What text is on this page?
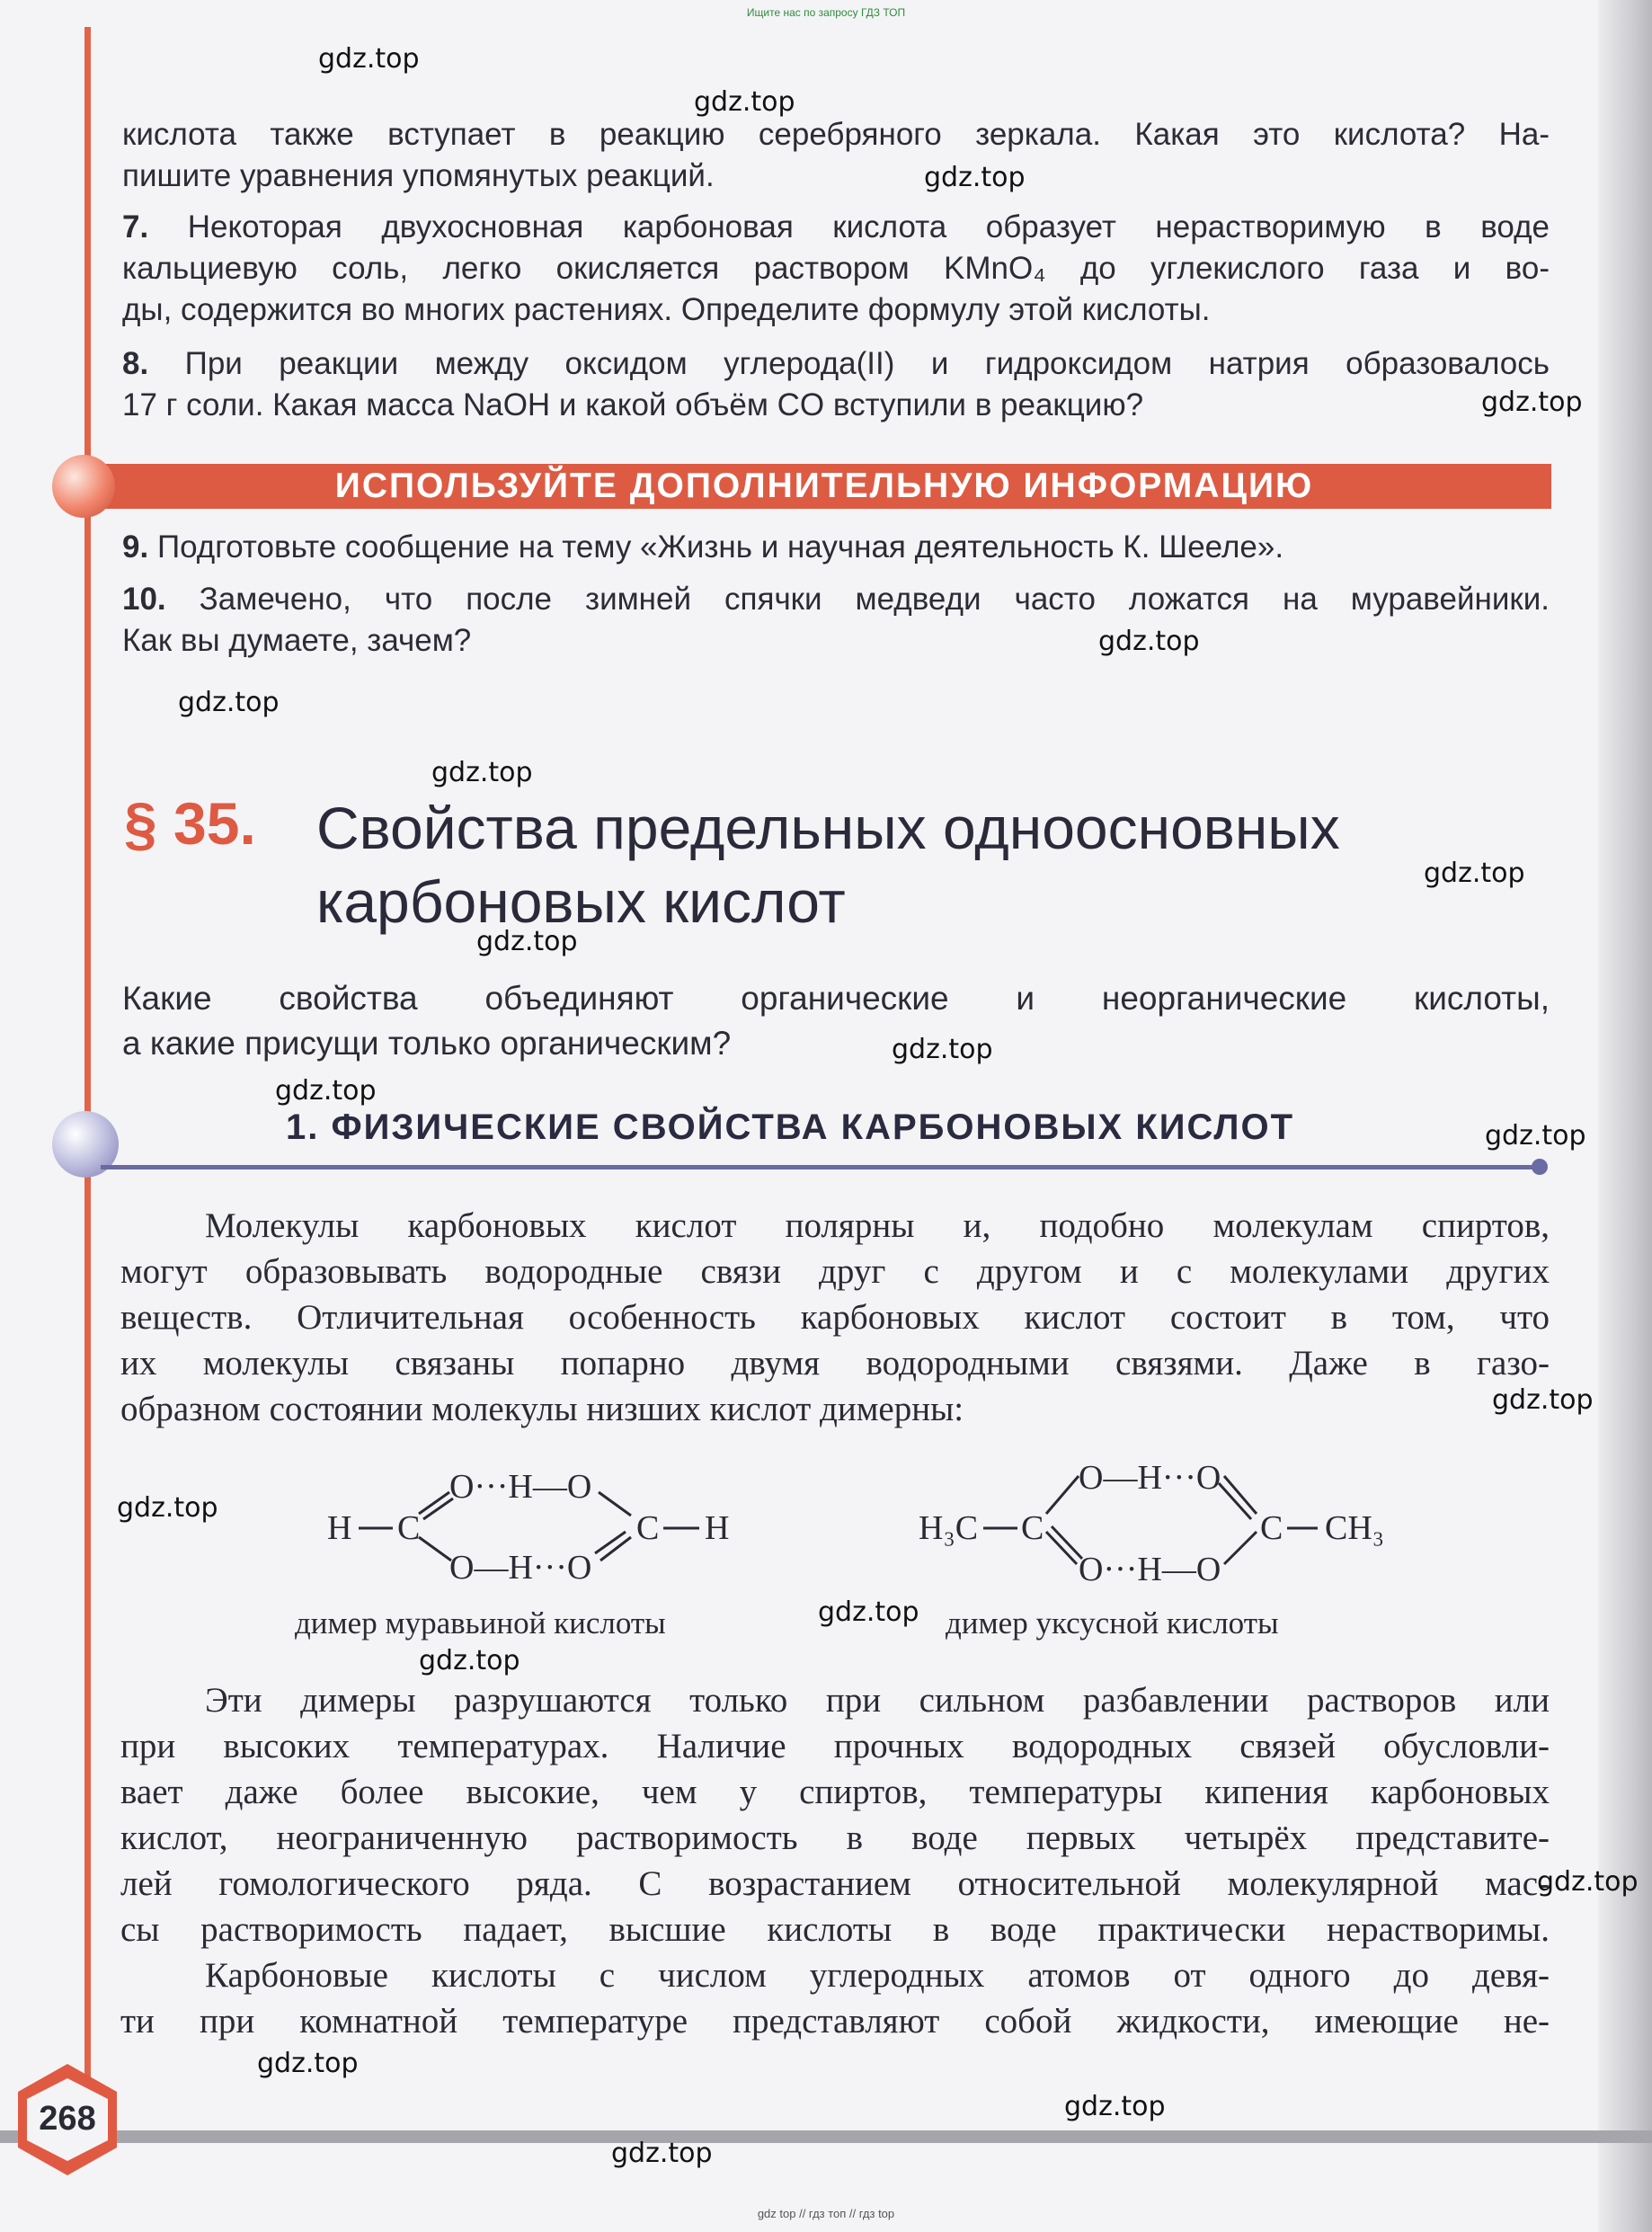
Ищите нас по запросу ГДЗ ТОП
кислота также вступает в реакцию серебряного зеркала. Какая это кислота? На-
пишите уравнения упомянутых реакций.
7. Некоторая двухосновная карбоновая кислота образует нерастворимую в воде
кальциевую соль, легко окисляется раствором KMnO₄ до углекислого газа и во-
ды, содержится во многих растениях. Определите формулу этой кислоты.
8. При реакции между оксидом углерода(II) и гидроксидом натрия образовалось
17 г соли. Какая масса NaOH и какой объём CO вступили в реакцию?
ИСПОЛЬЗУЙТЕ ДОПОЛНИТЕЛЬНУЮ ИНФОРМАЦИЮ
9. Подготовьте сообщение на тему «Жизнь и научная деятельность К. Шееле».
10. Замечено, что после зимней спячки медведи часто ложатся на муравейники.
Как вы думаете, зачем?
§ 35. Свойства предельных одноосновных
карбоновых кислот
Какие свойства объединяют органические и неорганические кислоты,
а какие присущи только органическим?
1. ФИЗИЧЕСКИЕ СВОЙСТВА КАРБОНОВЫХ КИСЛОТ
Молекулы карбоновых кислот полярны и, подобно молекулам спиртов,
могут образовывать водородные связи друг с другом и с молекулами других
веществ. Отличительная особенность карбоновых кислот состоит в том, что
их молекулы связаны попарно двумя водородными связями. Даже в газо-
образном состоянии молекулы низших кислот димерны:
H C
O···H—O
O—H···O
C H
димер муравьиной кислоты
H₃C C
O—H···O
O···H—O
C CH₃
димер уксусной кислоты
Эти димеры разрушаются только при сильном разбавлении растворов или
при высоких температурах. Наличие прочных водородных связей обусловли-
вает даже более высокие, чем у спиртов, температуры кипения карбоновых
кислот, неограниченную растворимость в воде первых четырёх представите-
лей гомологического ряда. С возрастанием относительной молекулярной мас-
сы растворимость падает, высшие кислоты в воде практически нерастворимы.
Карбоновые кислоты с числом углеродных атомов от одного до девя-
ти при комнатной температуре представляют собой жидкости, имеющие не-
268
gdz top // гдз топ // гдз top
gdz.top
gdz.top
gdz.top
gdz.top
gdz.top
gdz.top
gdz.top
gdz.top
gdz.top
gdz.top
gdz.top
gdz.top
gdz.top
gdz.top
gdz.top
gdz.top
gdz.top
gdz.top
gdz.top
gdz.top
